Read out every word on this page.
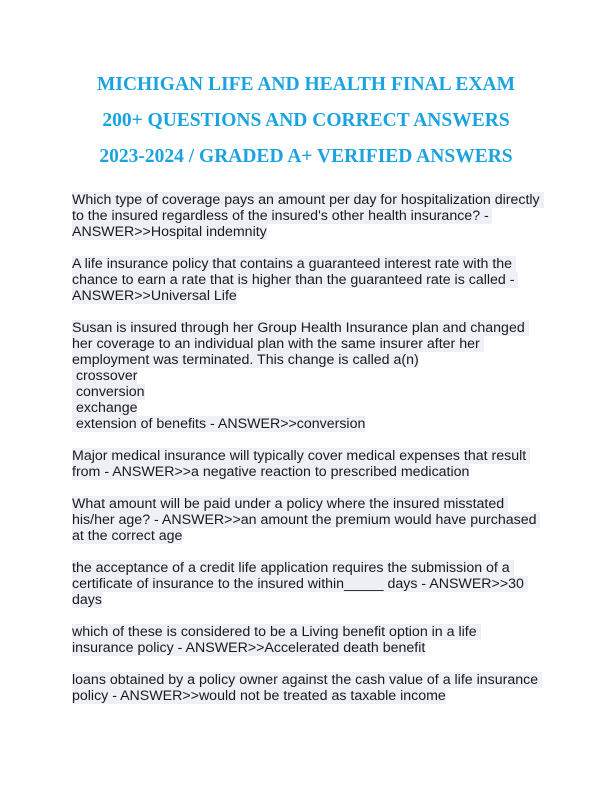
MICHIGAN LIFE AND HEALTH FINAL EXAM
200+ QUESTIONS AND CORRECT ANSWERS
2023-2024 / GRADED A+ VERIFIED ANSWERS
Which type of coverage pays an amount per day for hospitalization directly to the insured regardless of the insured's other health insurance? - ANSWER>>Hospital indemnity
A life insurance policy that contains a guaranteed interest rate with the chance to earn a rate that is higher than the guaranteed rate is called - ANSWER>>Universal Life
Susan is insured through her Group Health Insurance plan and changed her coverage to an individual plan with the same insurer after her employment was terminated. This change is called a(n)
crossover
conversion
exchange
extension of benefits - ANSWER>>conversion
Major medical insurance will typically cover medical expenses that result from - ANSWER>>a negative reaction to prescribed medication
What amount will be paid under a policy where the insured misstated his/her age? - ANSWER>>an amount the premium would have purchased at the correct age
the acceptance of a credit life application requires the submission of a certificate of insurance to the insured within_____ days - ANSWER>>30 days
which of these is considered to be a Living benefit option in a life insurance policy - ANSWER>>Accelerated death benefit
loans obtained by a policy owner against the cash value of a life insurance policy - ANSWER>>would not be treated as taxable income
